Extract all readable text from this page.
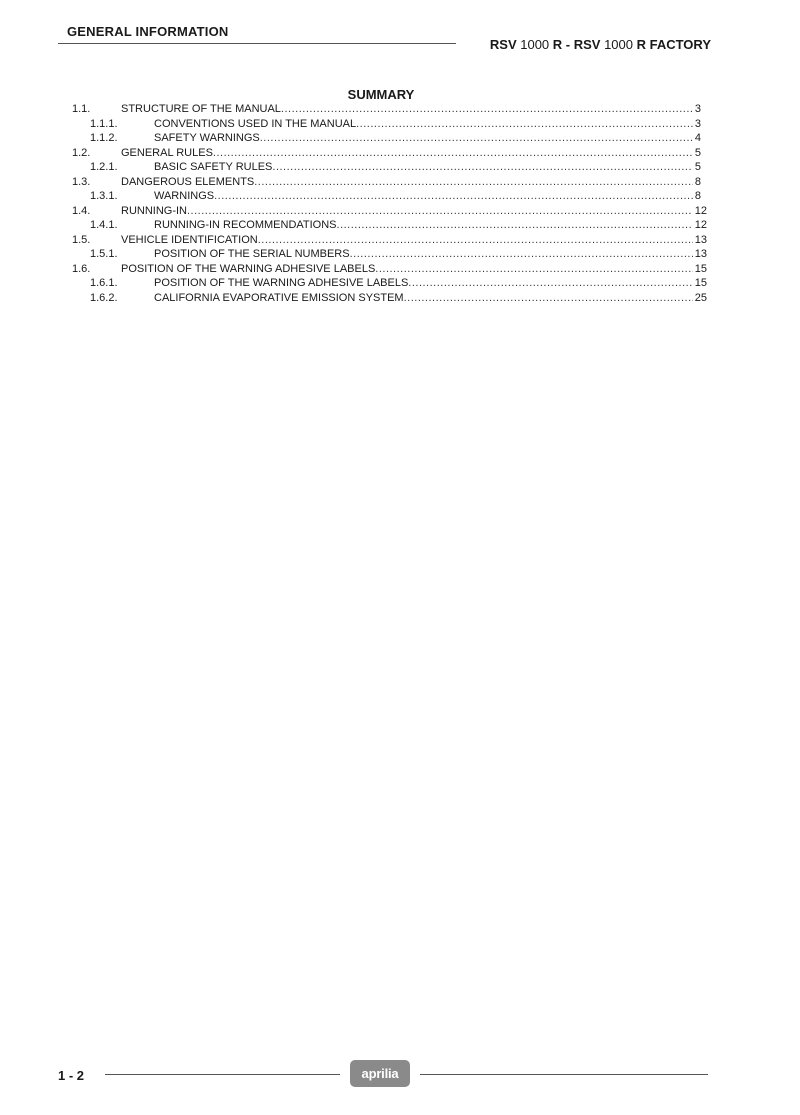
GENERAL INFORMATION
RSV 1000 R - RSV 1000 R FACTORY
SUMMARY
1.1.	STRUCTURE OF THE MANUAL .....	3
1.1.1.	CONVENTIONS USED IN THE MANUAL .....	3
1.1.2.	SAFETY WARNINGS .....	4
1.2.	GENERAL RULES .....	5
1.2.1.	BASIC SAFETY RULES .....	5
1.3.	DANGEROUS ELEMENTS .....	8
1.3.1.	WARNINGS .....	8
1.4.	RUNNING-IN .....	12
1.4.1.	RUNNING-IN RECOMMENDATIONS .....	12
1.5.	VEHICLE IDENTIFICATION .....	13
1.5.1.	POSITION OF THE SERIAL NUMBERS .....	13
1.6.	POSITION OF THE WARNING ADHESIVE LABELS .....	15
1.6.1.	POSITION OF THE WARNING ADHESIVE LABELS .....	15
1.6.2.	CALIFORNIA EVAPORATIVE EMISSION SYSTEM .....	25
1 - 2	aprilia
